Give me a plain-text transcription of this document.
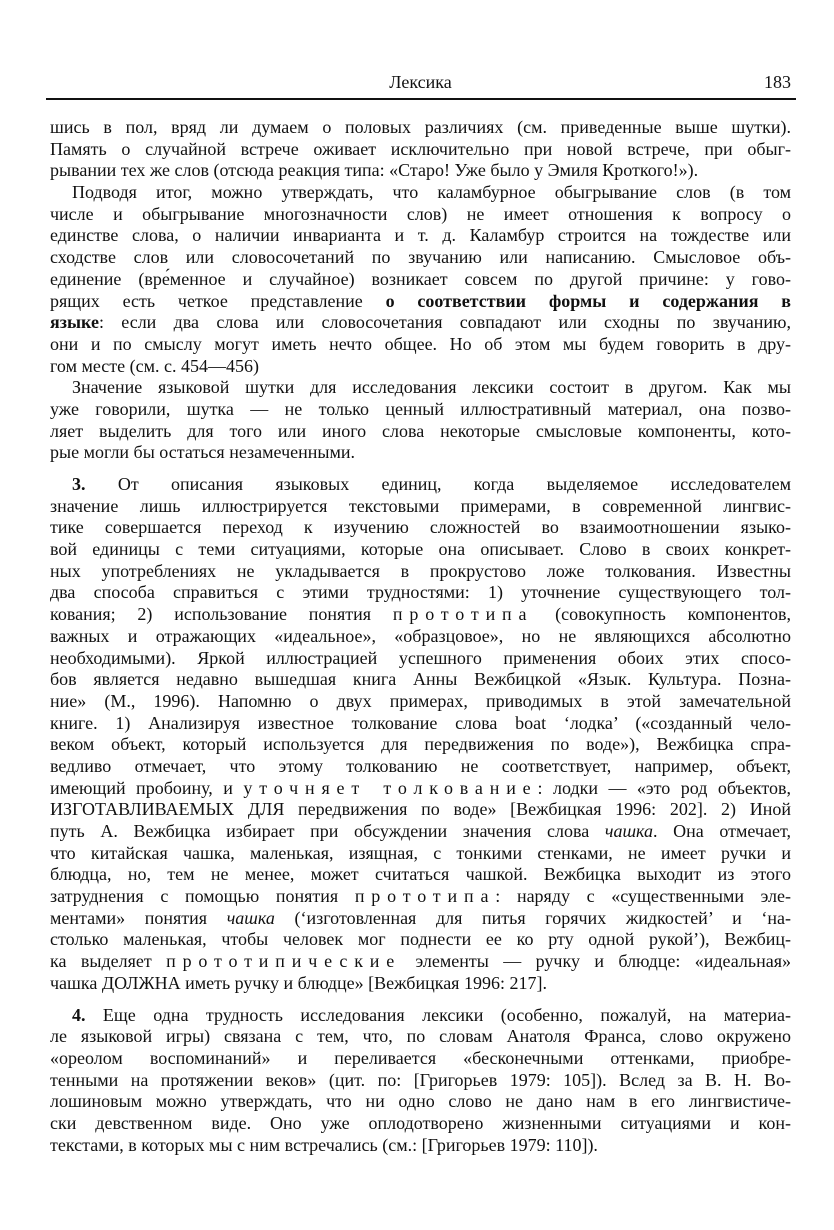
Лексика	183
шись в пол, вряд ли думаем о половых различиях (см. приведенные выше шутки).
Память о случайной встрече оживает исключительно при новой встрече, при обыг-
рывании тех же слов (отсюда реакция типа: «Старо! Уже было у Эмиля Кроткого!»).
Подводя итог, можно утверждать, что каламбурное обыгрывание слов (в том
числе и обыгрывание многозначности слов) не имеет отношения к вопросу о
единстве слова, о наличии инварианта и т. д. Каламбур строится на тождестве или
сходстве слов или словосочетаний по звучанию или написанию. Смысловое объ-
единение (вре́менное и случайное) возникает совсем по другой причине: у гово-
рящих есть четкое представление о соответствии формы и содержания в
языке: если два слова или словосочетания совпадают или сходны по звучанию,
они и по смыслу могут иметь нечто общее. Но об этом мы будем говорить в дру-
гом месте (см. с. 454—456)
Значение языковой шутки для исследования лексики состоит в другом. Как мы
уже говорили, шутка — не только ценный иллюстративный материал, она позво-
ляет выделить для того или иного слова некоторые смысловые компоненты, кото-
рые могли бы остаться незамеченными.
3. От описания языковых единиц, когда выделяемое исследователем
значение лишь иллюстрируется текстовыми примерами, в современной лингвис-
тике совершается переход к изучению сложностей во взаимоотношении языко-
вой единицы с теми ситуациями, которые она описывает. Слово в своих конкрет-
ных употреблениях не укладывается в прокрустово ложе толкования. Известны
два способа справиться с этими трудностями: 1) уточнение существующего тол-
кования; 2) использование понятия прототипа (совокупность компонентов,
важных и отражающих «идеальное», «образцовое», но не являющихся абсолютно
необходимыми). Яркой иллюстрацией успешного применения обоих этих спосо-
бов является недавно вышедшая книга Анны Вежбицкой «Язык. Культура. Позна-
ние» (М., 1996). Напомню о двух примерах, приводимых в этой замечательной
книге. 1) Анализируя известное толкование слова boat ‘лодка’ («созданный чело-
веком объект, который используется для передвижения по воде»), Вежбицка спра-
ведливо отмечает, что этому толкованию не соответствует, например, объект,
имеющий пробоину, и уточняет толкование: лодки — «это род объектов,
ИЗГОТАВЛИВАЕМЫХ ДЛЯ передвижения по воде» [Вежбицкая 1996: 202]. 2) Иной
путь А. Вежбицка избирает при обсуждении значения слова чашка. Она отмечает,
что китайская чашка, маленькая, изящная, с тонкими стенками, не имеет ручки и
блюдца, но, тем не менее, может считаться чашкой. Вежбицка выходит из этого
затруднения с помощью понятия прототипа: наряду с «существенными эле-
ментами» понятия чашка (‘изготовленная для питья горячих жидкостей’ и ‘на-
столько маленькая, чтобы человек мог поднести ее ко рту одной рукой’), Вежбиц-
ка выделяет прототипические элементы — ручку и блюдце: «идеальная»
чашка ДОЛЖНА иметь ручку и блюдце» [Вежбицкая 1996: 217].
4. Еще одна трудность исследования лексики (особенно, пожалуй, на материа-
ле языковой игры) связана с тем, что, по словам Анатоля Франса, слово окружено
«ореолом воспоминаний» и переливается «бесконечными оттенками, приобре-
тенными на протяжении веков» (цит. по: [Григорьев 1979: 105]). Вслед за В. Н. Во-
лошиновым можно утверждать, что ни одно слово не дано нам в его лингвистиче-
ски девственном виде. Оно уже оплодотворено жизненными ситуациями и кон-
текстами, в которых мы с ним встречались (см.: [Григорьев 1979: 110]).
